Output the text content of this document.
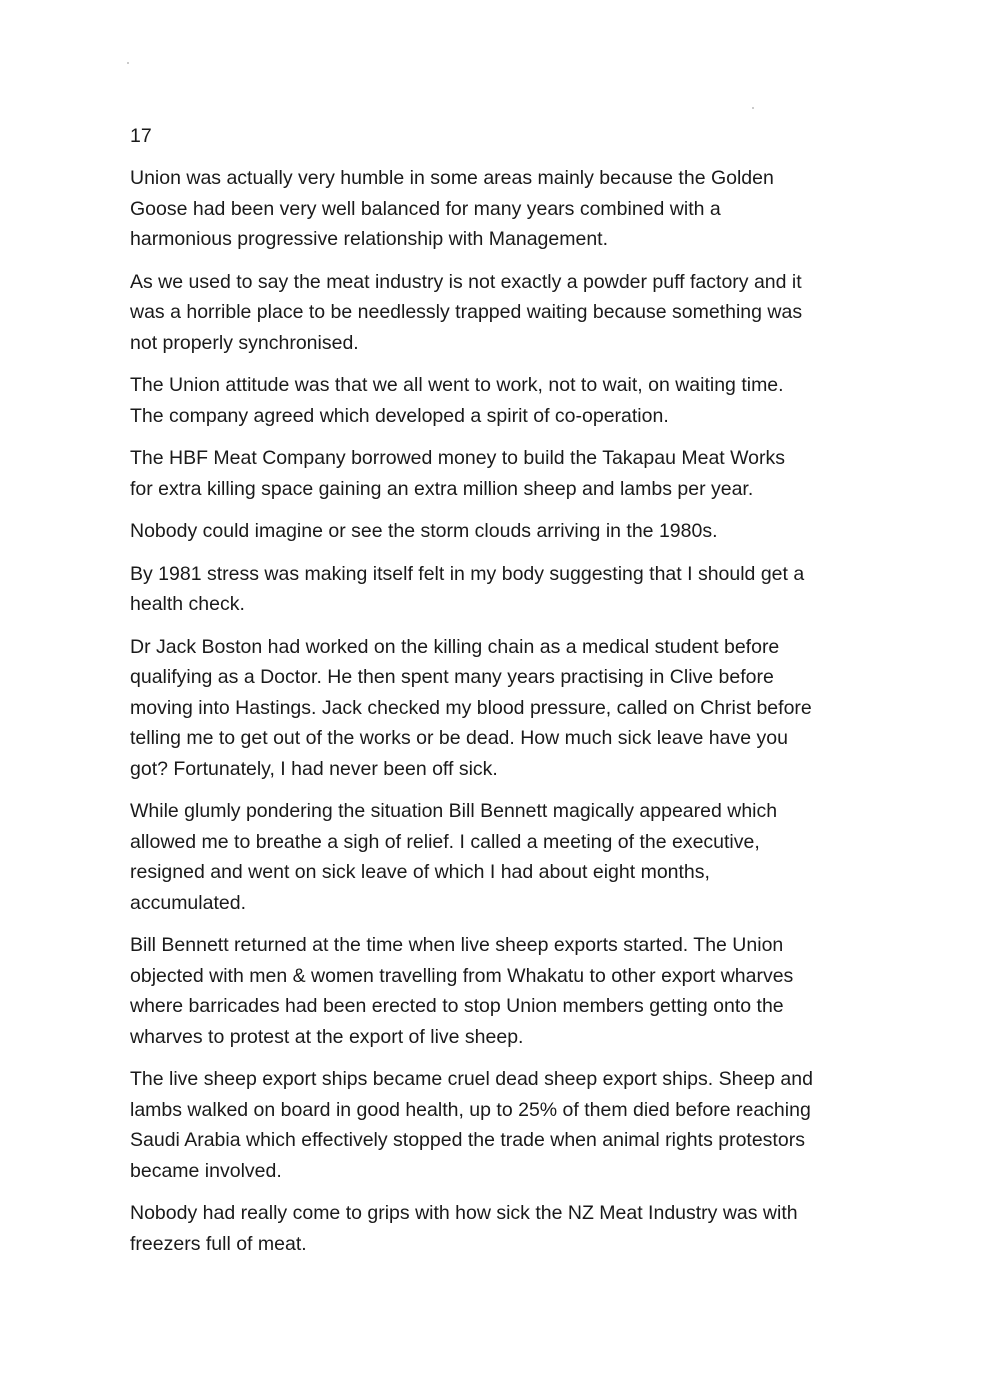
17

Union was actually very humble in some areas mainly because the Golden
Goose had been very well balanced for many years combined with a
harmonious progressive relationship with Management.

As we used to say the meat industry is not exactly a powder puff factory and it
was a horrible place to be needlessly trapped waiting because something was
not properly synchronised.

The Union attitude was that we all went to work, not to wait, on waiting time.
The company agreed which developed a spirit of co-operation.

The HBF Meat Company borrowed money to build the Takapau Meat Works
for extra killing space gaining an extra million sheep and lambs per year.

Nobody could imagine or see the storm clouds arriving in the 1980s.

By 1981 stress was making itself felt in my body suggesting that I should get a
health check.

Dr Jack Boston had worked on the killing chain as a medical student before
qualifying as a Doctor. He then spent many years practising in Clive before
moving into Hastings. Jack checked my blood pressure, called on Christ before
telling me to get out of the works or be dead. How much sick leave have you
got? Fortunately, I had never been off sick.

While glumly pondering the situation Bill Bennett magically appeared which
allowed me to breathe a sigh of relief. I called a meeting of the executive,
resigned and went on sick leave of which I had about eight months,
accumulated.

Bill Bennett returned at the time when live sheep exports started. The Union
objected with men & women travelling from Whakatu to other export wharves
where barricades had been erected to stop Union members getting onto the
wharves to protest at the export of live sheep.

The live sheep export ships became cruel dead sheep export ships. Sheep and
lambs walked on board in good health, up to 25% of them died before reaching
Saudi Arabia which effectively stopped the trade when animal rights protestors
became involved.

Nobody had really come to grips with how sick the NZ Meat Industry was with
freezers full of meat.
